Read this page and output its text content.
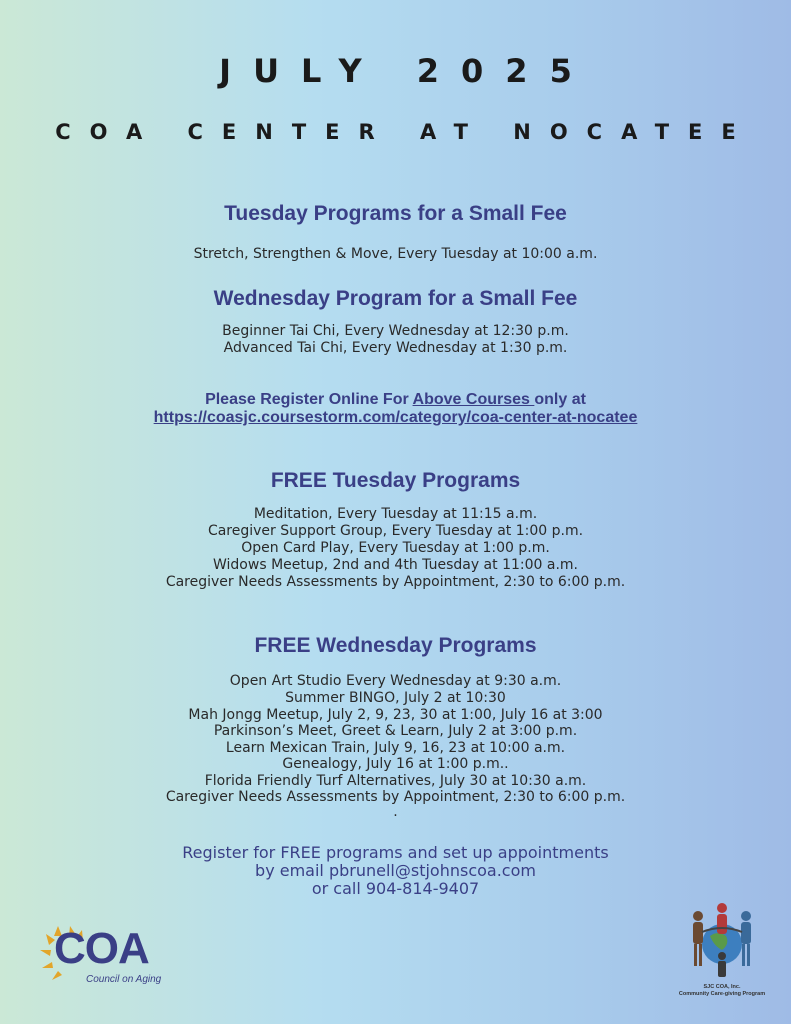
JULY 2025
COA CENTER AT NOCATEE
Tuesday Programs for a Small Fee
Stretch, Strengthen & Move, Every Tuesday at 10:00 a.m.
Wednesday Program for a Small Fee
Beginner Tai Chi, Every Wednesday at 12:30 p.m.
Advanced Tai Chi, Every Wednesday at 1:30 p.m.
Please Register Online For Above Courses only at
https://coasjc.coursestorm.com/category/coa-center-at-nocatee
FREE Tuesday Programs
Meditation, Every Tuesday at 11:15 a.m.
Caregiver Support Group, Every Tuesday at 1:00 p.m.
Open Card Play, Every Tuesday at 1:00 p.m.
Widows Meetup, 2nd and 4th Tuesday at 11:00 a.m.
Caregiver Needs Assessments by Appointment, 2:30 to 6:00 p.m.
FREE Wednesday Programs
Open Art Studio Every Wednesday at 9:30 a.m.
Summer BINGO, July 2 at 10:30
Mah Jongg Meetup, July 2, 9, 23, 30 at 1:00, July 16 at 3:00
Parkinson’s Meet, Greet & Learn, July 2 at 3:00 p.m.
Learn Mexican Train, July 9, 16, 23 at 10:00 a.m.
Genealogy, July 16 at 1:00 p.m..
Florida Friendly Turf Alternatives, July 30 at 10:30 a.m.
Caregiver Needs Assessments by Appointment, 2:30 to 6:00 p.m.
.
Register for FREE programs and set up appointments
by email pbrunell@stjohnscoa.com
or call 904-814-9407
COA
Council on Aging
SJC COA, Inc.
Community Care-giving Program
